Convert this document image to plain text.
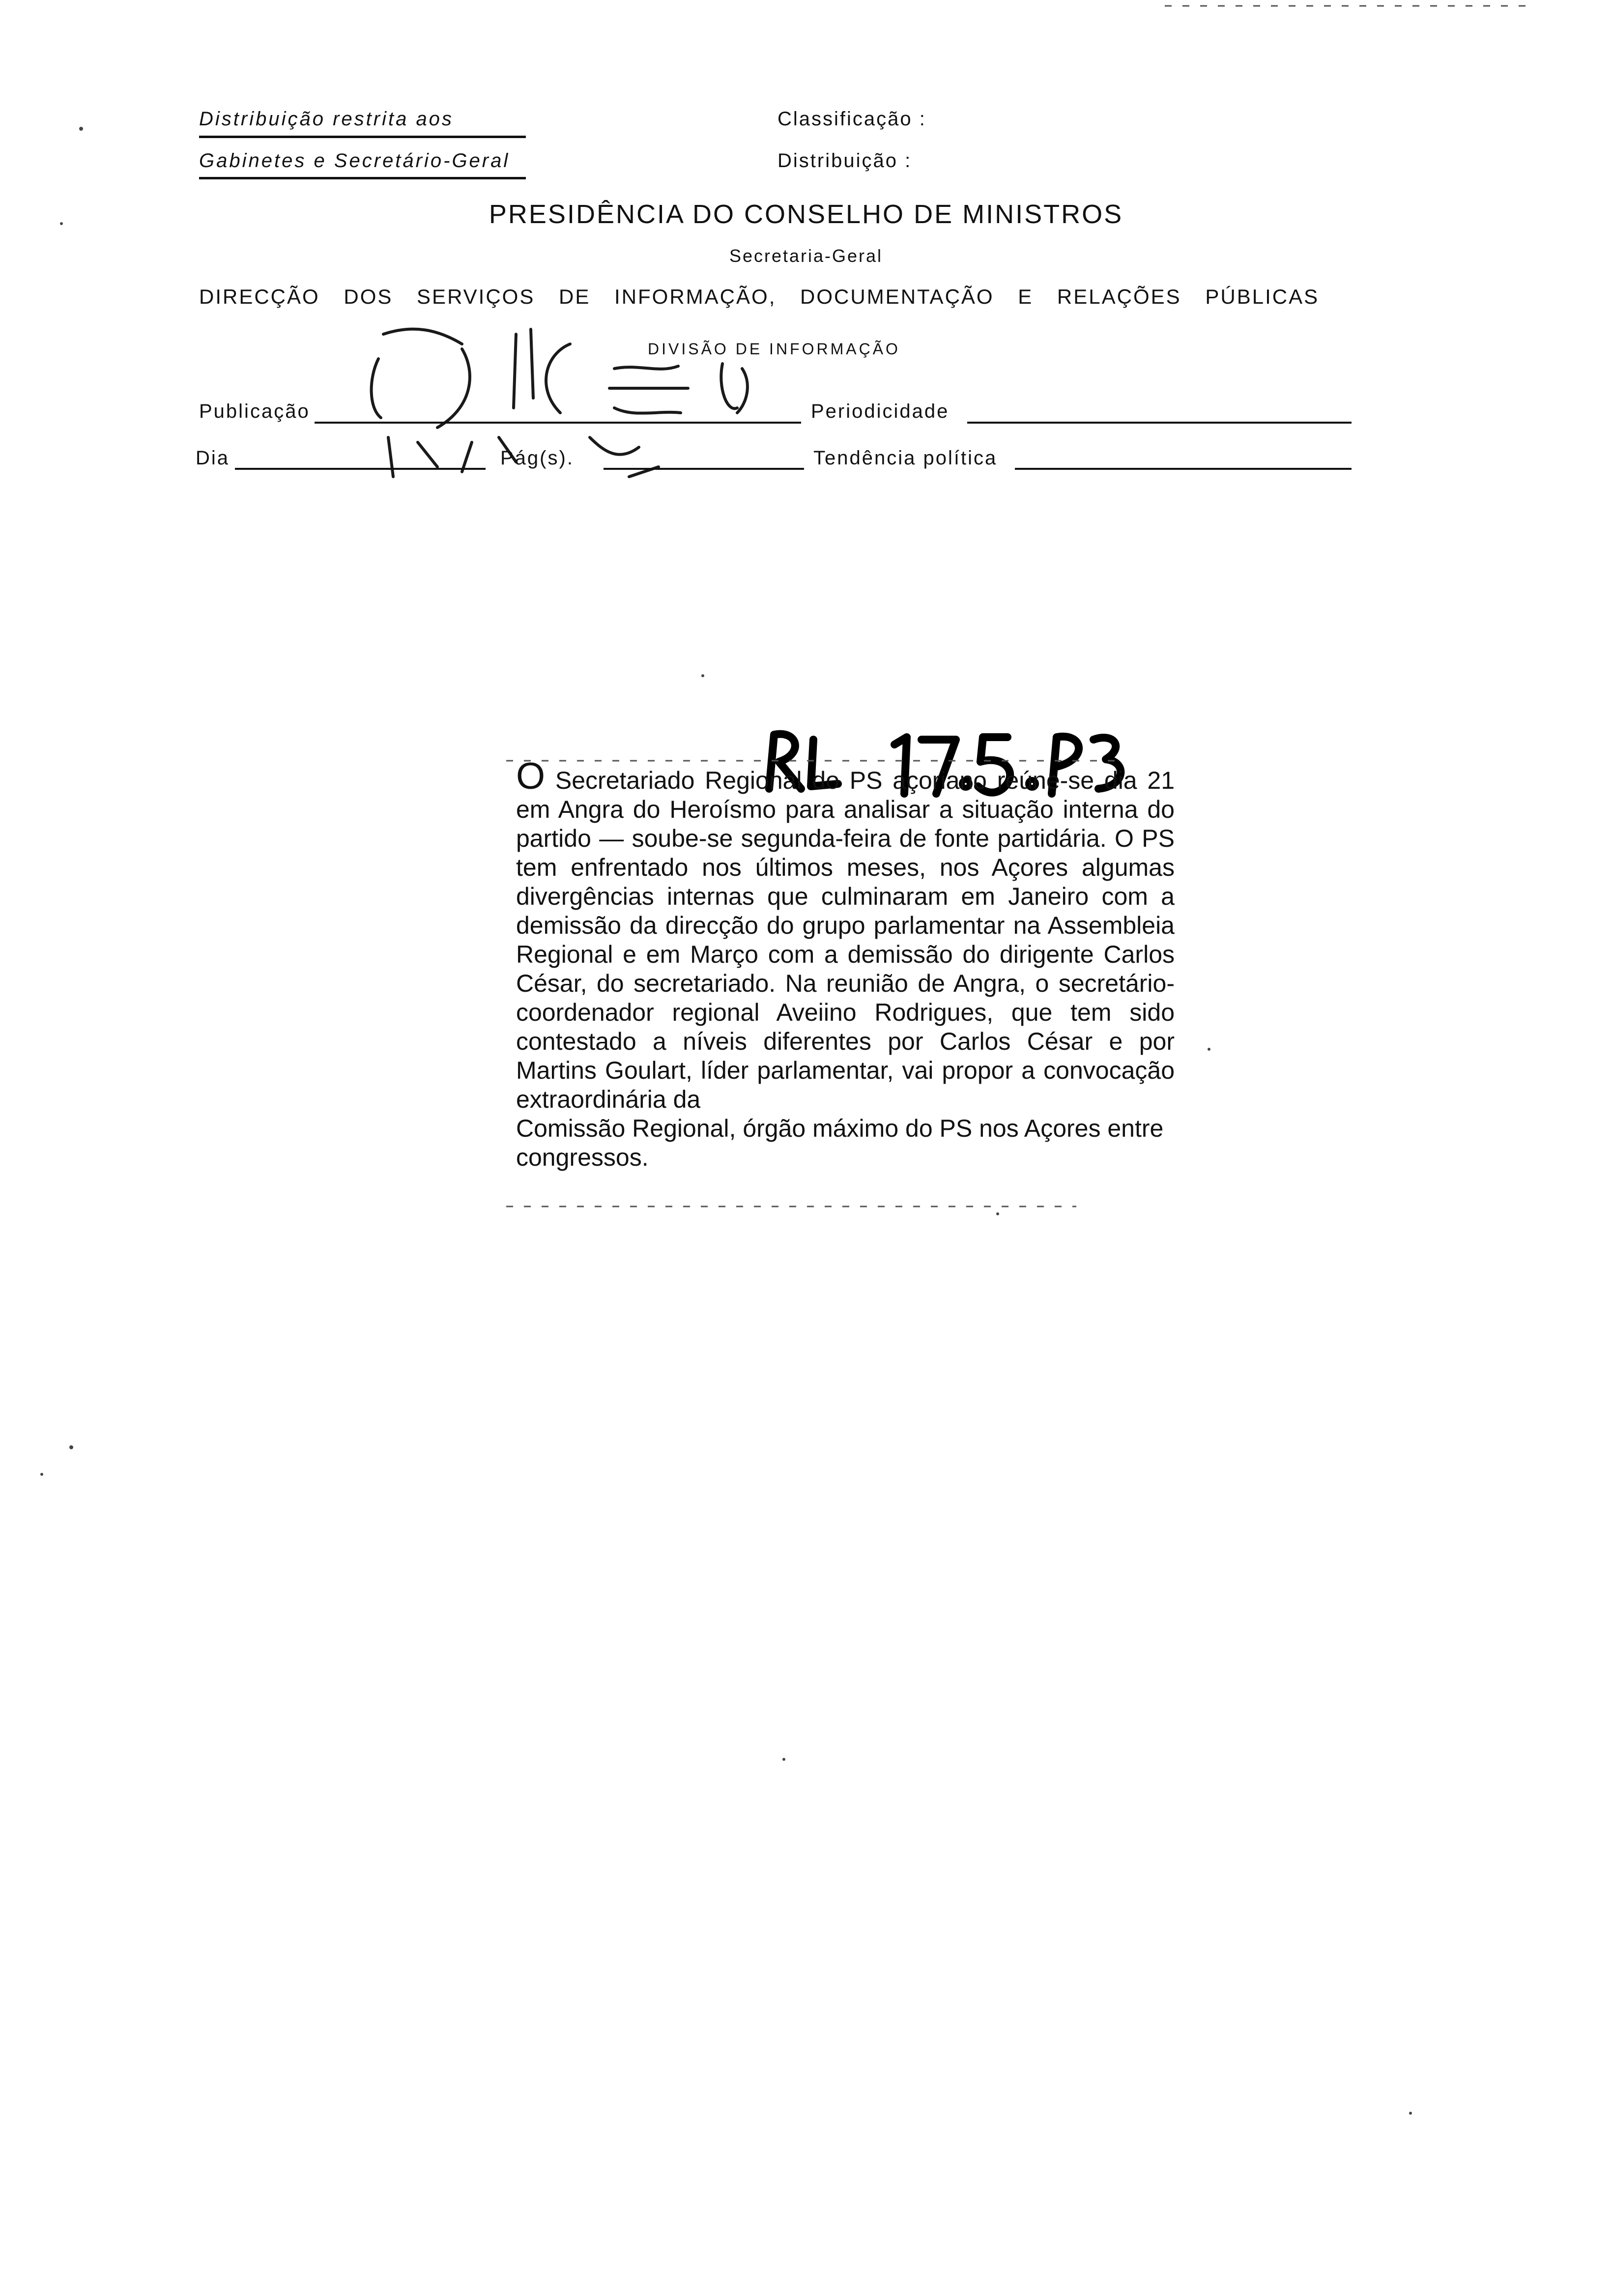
Distribuição restrita aos
Gabinetes e Secretário-Geral
Classificação :
Distribuição :
PRESIDÊNCIA DO CONSELHO DE MINISTROS
Secretaria-Geral
DIRECÇÃO DOS SERVIÇOS DE INFORMAÇÃO, DOCUMENTAÇÃO E RELAÇÕES PÚBLICAS
DIVISÃO DE INFORMAÇÃO
Publicação	Periodicidade
Dia	Pág(s).	Tendência política

O Secretariado Regional do PS açoriano reúne-se dia 21 em Angra do Heroísmo para analisar a situação interna do partido — soube-se segunda-feira de fonte partidária. O PS tem enfrentado nos últimos meses, nos Açores algumas divergências internas que culminaram em Janeiro com a demissão da direcção do grupo parlamentar na Assembleia Regional e em Março com a demissão do dirigente Carlos César, do secretariado. Na reunião de Angra, o secretário-coordenador regional Aveiino Rodrigues, que tem sido contestado a níveis diferentes por Carlos César e por Martins Goulart, líder parlamentar, vai propor a convocação extraordinária da

Comissão Regional, órgão máximo do PS nos Açores entre congressos.
